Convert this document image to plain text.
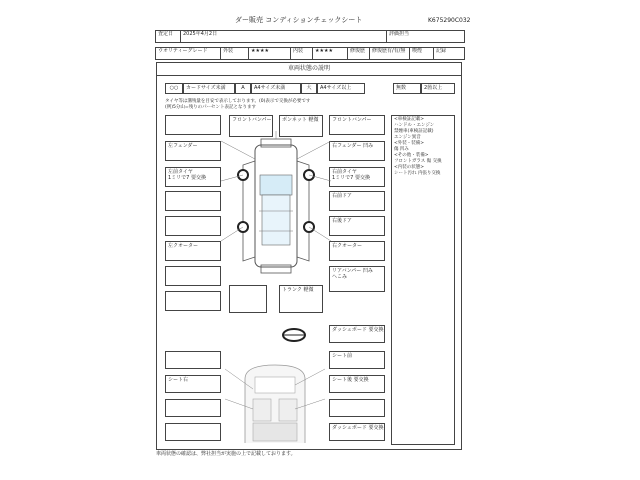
ダー販売 コンディションチェックシート	K675290C032
査定日	2025年4月2日	評価担当
ウオリティーグレード	外装	★★★★	内装	★★★★	修復歴	修復歴有/有/無	喫煙	記録
車両状態の説明
○○	カードサイズ未満	A	A4サイズ未満	大	A4サイズ以上	無数	2箇以上
タイヤ等は溝残量を目安で表示しております。(0)表示で交換が必要です
(例)5分山=残りのパーセント表記となります
左フェンダー
左前タイヤ
1ミリで7 要交換
左クオーター
フロントバンパー	ボンネット 軽微	フロントバンパー
右フェンダー 凹み
右前タイヤ
1ミリで7 要交換
右前ドア
右後ドア
右クオーター
リアバンパー 凹み
へこみ
トランク 軽微
<車検証記載>
ハンドル・エンジン
禁煙車(車検証記載)
エンジン異音
<外装・装備>
傷 凹み
<その他・装備>
フロントガラス 傷 交換
<内装の状態>
シート汚れ 内張り交換
ダッシュボード 要交換
シート前
シート後 要交換
ダッシュボード 要交換
シート右
車両状態の確認は、弊社担当が実施の上で記載しております。
